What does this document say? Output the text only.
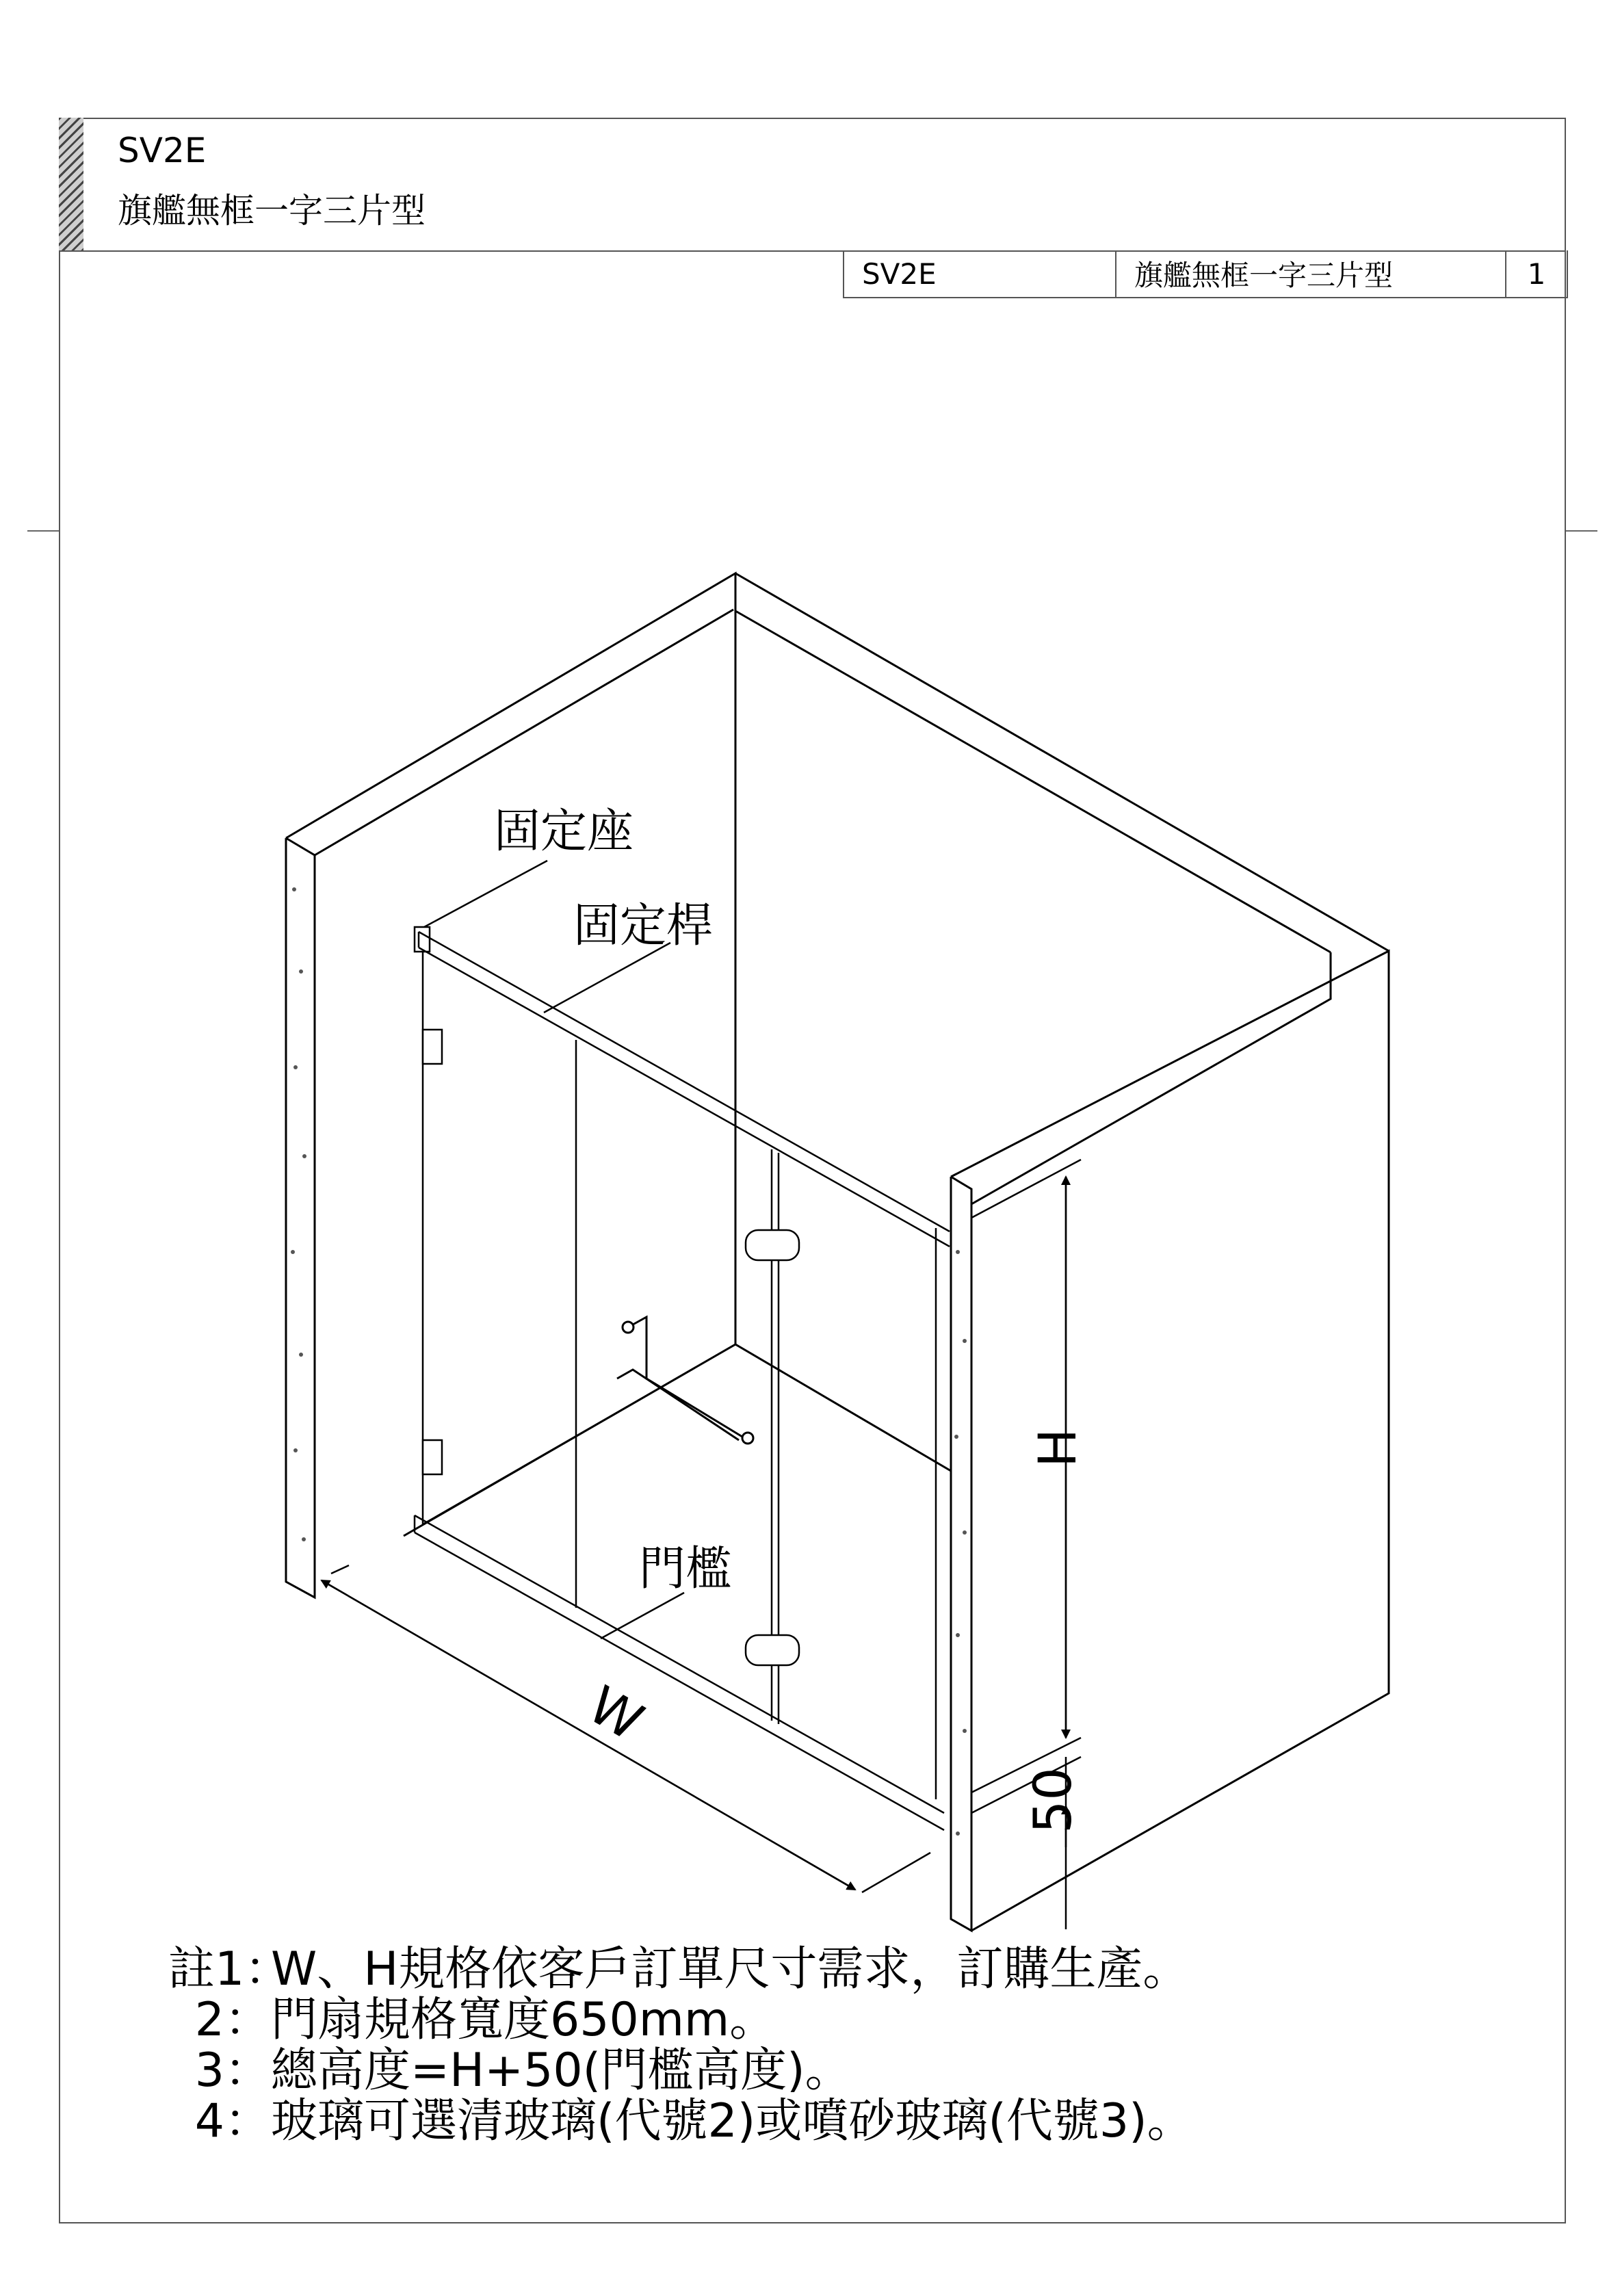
SV2E
旗艦無框一字三片型
SV2E	旗艦無框一字三片型	1
固定座
固定桿
門檻
W
H
50
註1：W、H規格依客戶訂單尺寸需求，訂購生產。
2：門扇規格寬度650mm。
3：總高度=H+50(門檻高度)。
4：玻璃可選清玻璃(代號2)或噴砂玻璃(代號3)。
